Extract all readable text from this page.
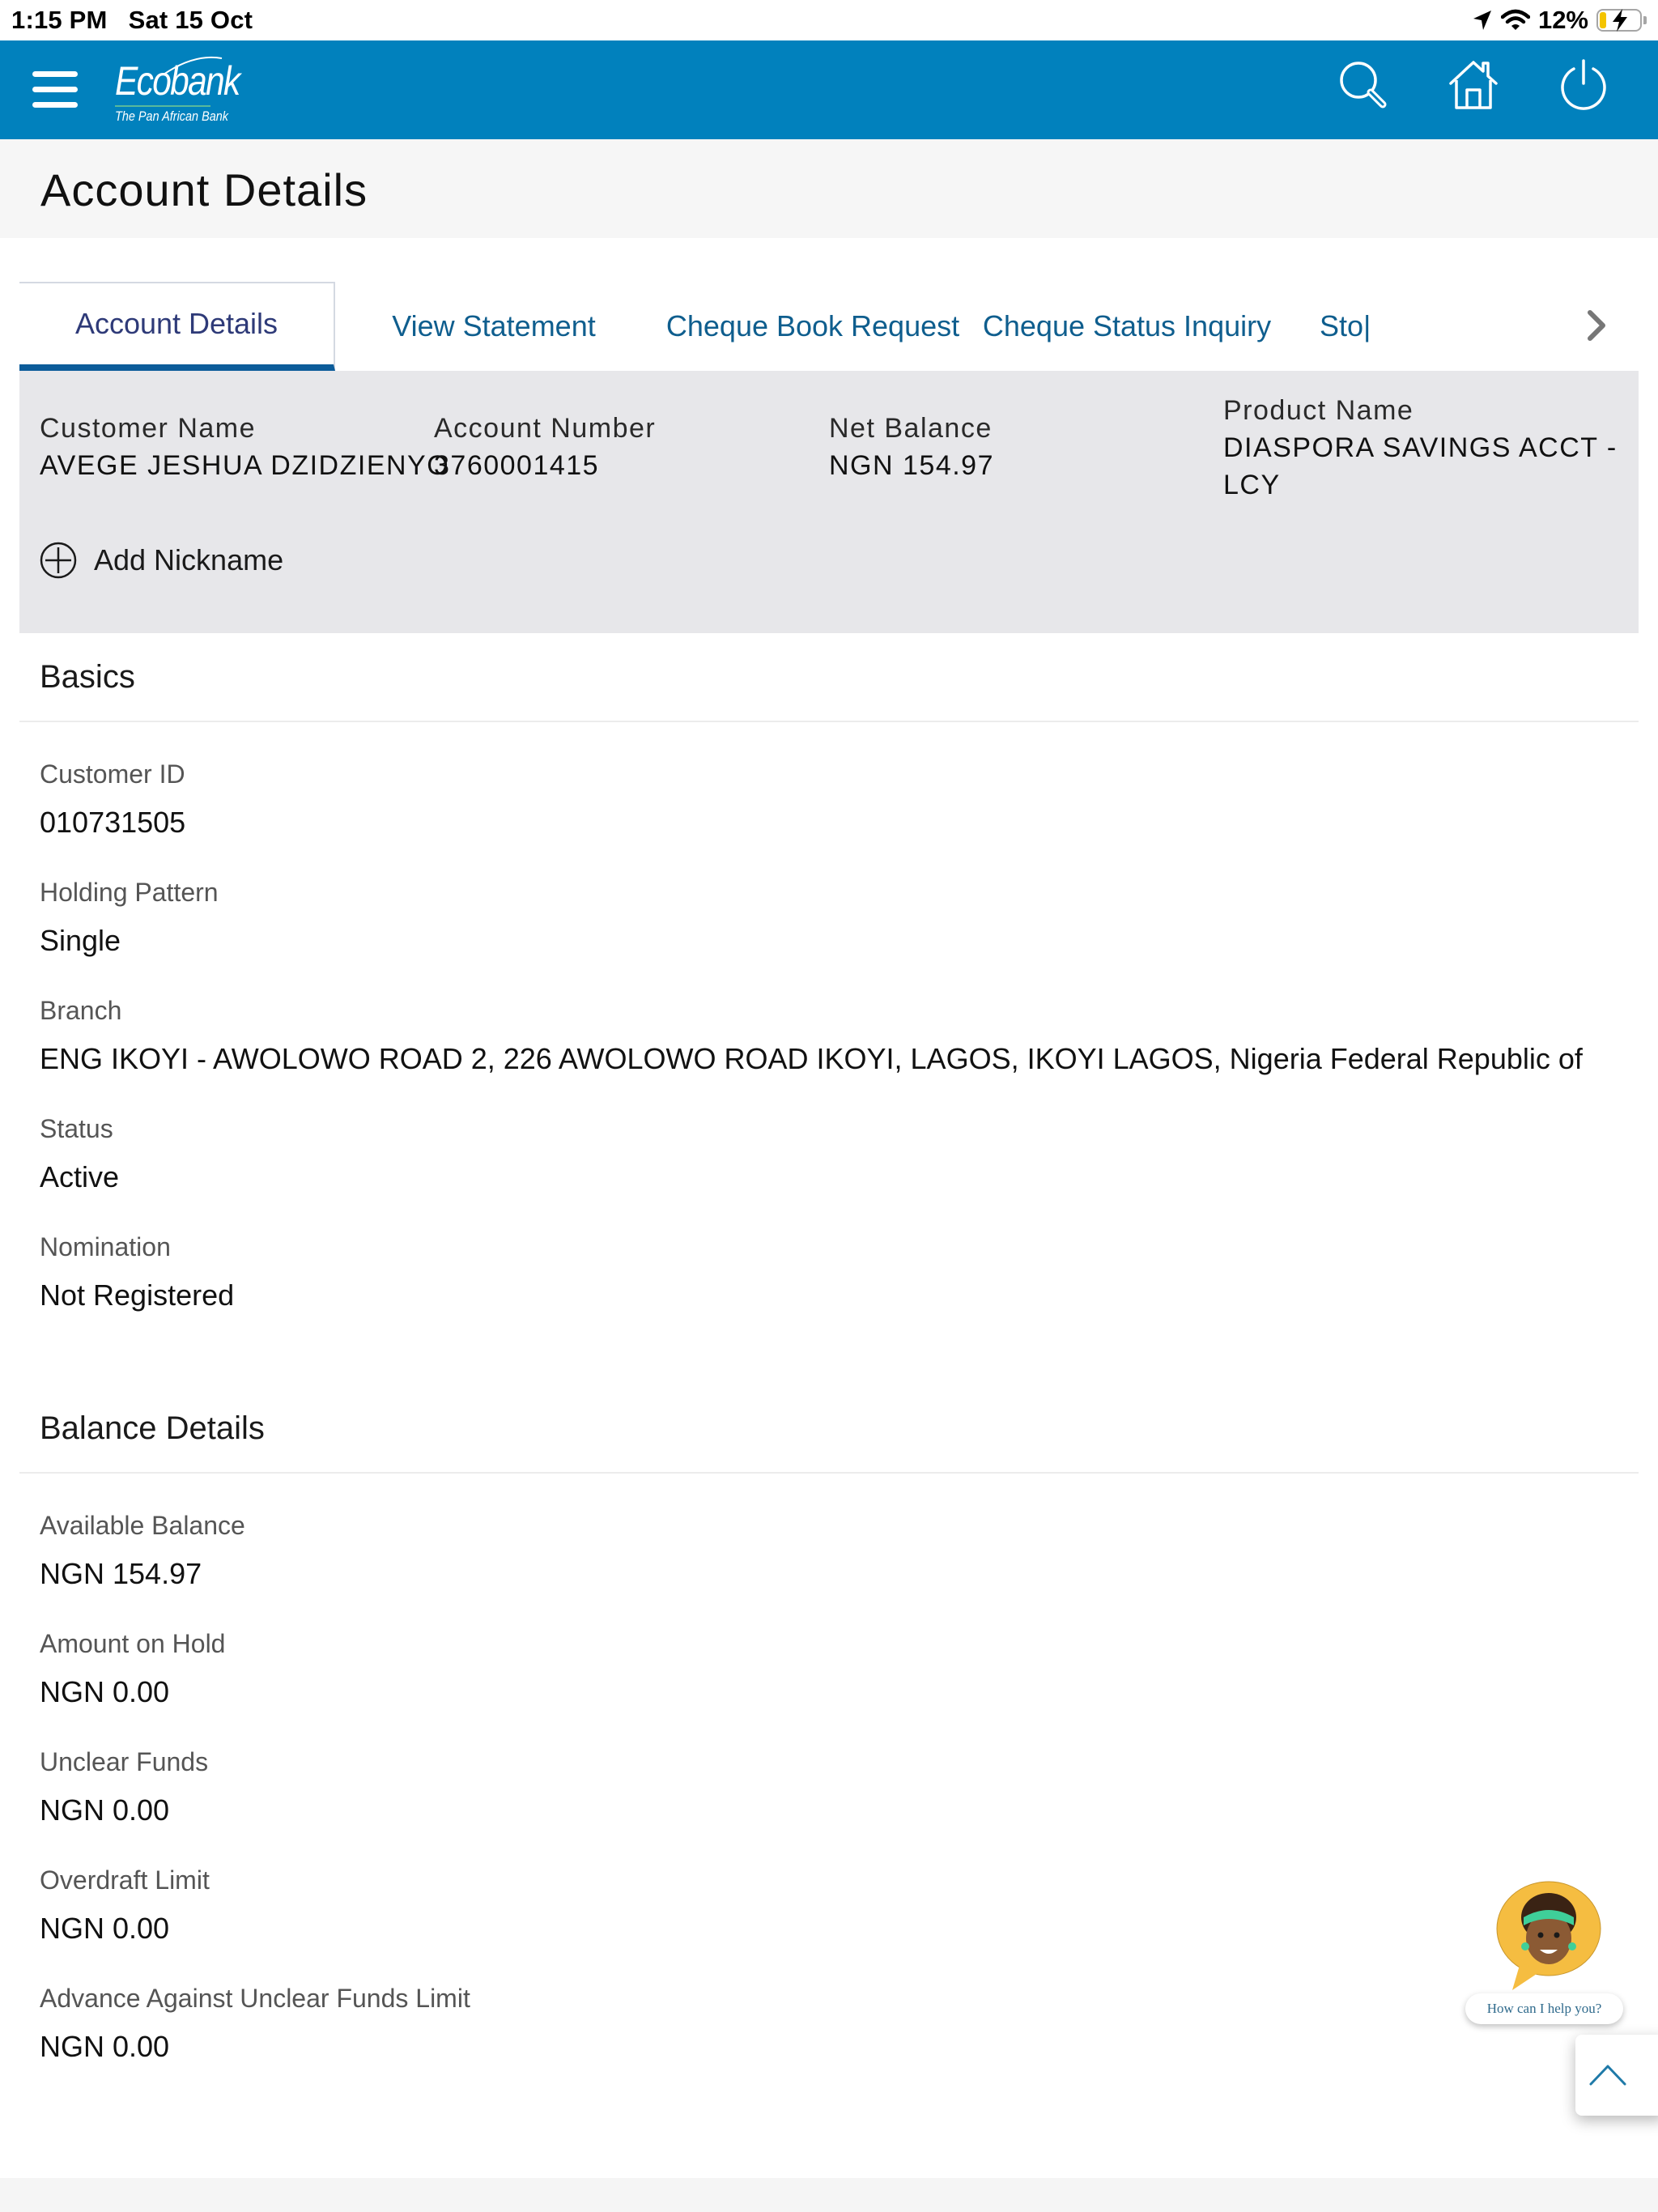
1:15 PM Sat 15 Oct	12%
Ecobank
The Pan African Bank
Account Details
Account Details	View Statement	Cheque Book Request Cheque Status Inquiry	Sto|
Customer Name
AVEGE JESHUA DZIDZIENYO
Account Number
3760001415
Net Balance
NGN 154.97
Product Name
DIASPORA SAVINGS ACCT -
LCY
Add Nickname
Basics
Customer ID
010731505
Holding Pattern
Single
Branch
ENG IKOYI - AWOLOWO ROAD 2, 226 AWOLOWO ROAD IKOYI, LAGOS, IKOYI LAGOS, Nigeria Federal Republic of
Status
Active
Nomination
Not Registered
Balance Details
Available Balance
NGN 154.97
Amount on Hold
NGN 0.00
Unclear Funds
NGN 0.00
Overdraft Limit
NGN 0.00
Advance Against Unclear Funds Limit
NGN 0.00
How can I help you?
